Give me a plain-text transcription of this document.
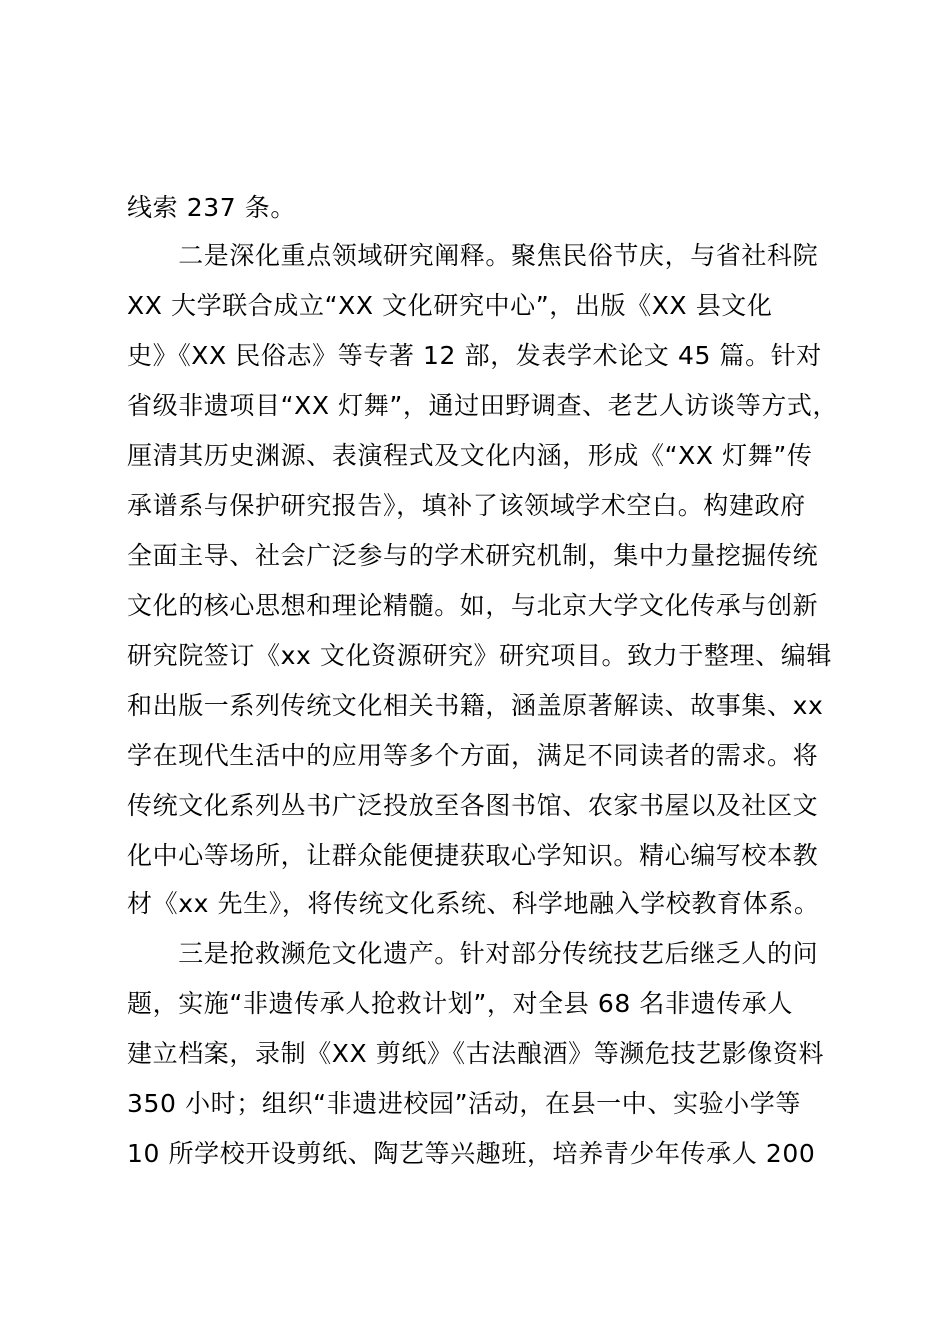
线索 237 条。
　　二是深化重点领域研究阐释。聚焦民俗节庆，与省社科院
XX 大学联合成立“XX 文化研究中心”，出版《XX 县文化
史》《XX 民俗志》等专著 12 部，发表学术论文 45 篇。针对
省级非遗项目“XX 灯舞”，通过田野调查、老艺人访谈等方式，
厘清其历史渊源、表演程式及文化内涵，形成《“XX 灯舞”传
承谱系与保护研究报告》，填补了该领域学术空白。构建政府
全面主导、社会广泛参与的学术研究机制，集中力量挖掘传统
文化的核心思想和理论精髓。如，与北京大学文化传承与创新
研究院签订《xx 文化资源研究》研究项目。致力于整理、编辑
和出版一系列传统文化相关书籍，涵盖原著解读、故事集、xx
学在现代生活中的应用等多个方面，满足不同读者的需求。将
传统文化系列丛书广泛投放至各图书馆、农家书屋以及社区文
化中心等场所，让群众能便捷获取心学知识。精心编写校本教
材《xx 先生》，将传统文化系统、科学地融入学校教育体系。
　　三是抢救濒危文化遗产。针对部分传统技艺后继乏人的问
题，实施“非遗传承人抢救计划”，对全县 68 名非遗传承人
建立档案，录制《XX 剪纸》《古法酿酒》等濒危技艺影像资料
350 小时；组织“非遗进校园”活动，在县一中、实验小学等
10 所学校开设剪纸、陶艺等兴趣班，培养青少年传承人 200
